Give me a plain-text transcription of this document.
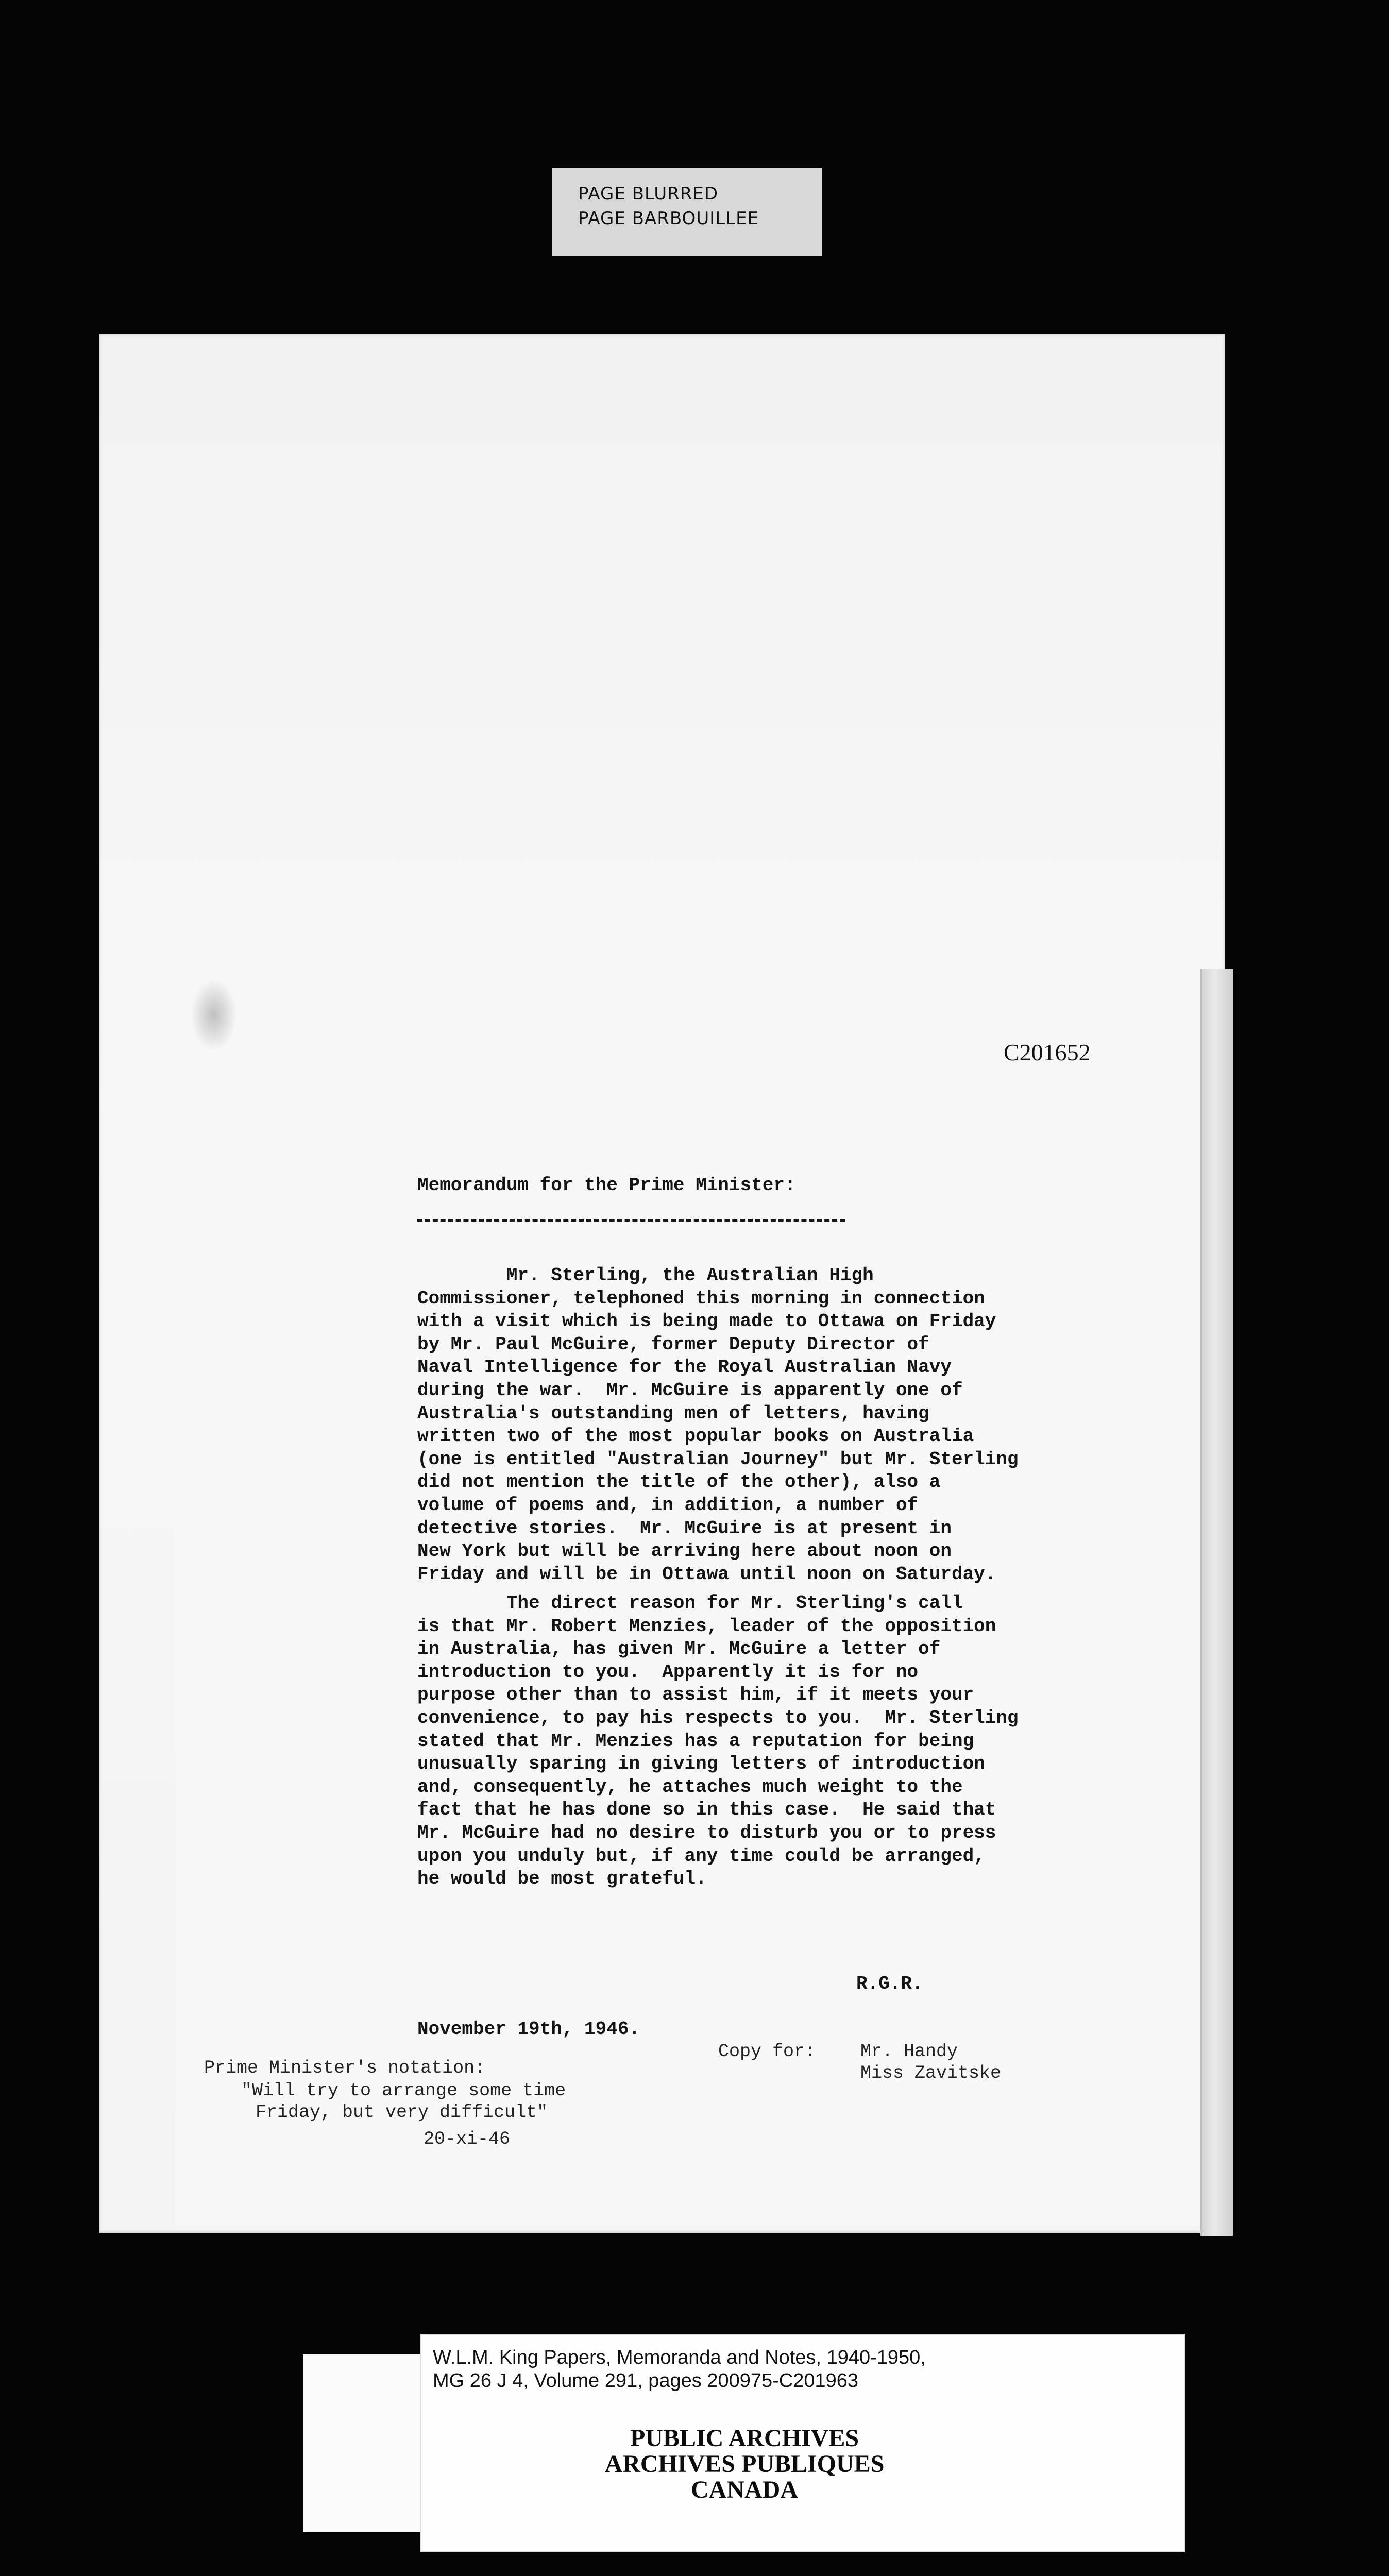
PAGE BLURRED
PAGE BARBOUILLEE
C201652
Memorandum for the Prime Minister:
Mr. Sterling, the Australian High
Commissioner, telephoned this morning in connection
with a visit which is being made to Ottawa on Friday
by Mr. Paul McGuire, former Deputy Director of
Naval Intelligence for the Royal Australian Navy
during the war.  Mr. McGuire is apparently one of
Australia's outstanding men of letters, having
written two of the most popular books on Australia
(one is entitled "Australian Journey" but Mr. Sterling
did not mention the title of the other), also a
volume of poems and, in addition, a number of
detective stories.  Mr. McGuire is at present in
New York but will be arriving here about noon on
Friday and will be in Ottawa until noon on Saturday.
The direct reason for Mr. Sterling's call
is that Mr. Robert Menzies, leader of the opposition
in Australia, has given Mr. McGuire a letter of
introduction to you.  Apparently it is for no
purpose other than to assist him, if it meets your
convenience, to pay his respects to you.  Mr. Sterling
stated that Mr. Menzies has a reputation for being
unusually sparing in giving letters of introduction
and, consequently, he attaches much weight to the
fact that he has done so in this case.  He said that
Mr. McGuire had no desire to disturb you or to press
upon you unduly but, if any time could be arranged,
he would be most grateful.
R.G.R.
November 19th, 1946.
Copy for: Mr. Handy
Miss Zavitske
Prime Minister's notation:
"Will try to arrange some time
Friday, but very difficult"
20-xi-46
W.L.M. King Papers, Memoranda and Notes, 1940-1950,
MG 26 J 4, Volume 291, pages 200975-C201963
PUBLIC ARCHIVES
ARCHIVES PUBLIQUES
CANADA
